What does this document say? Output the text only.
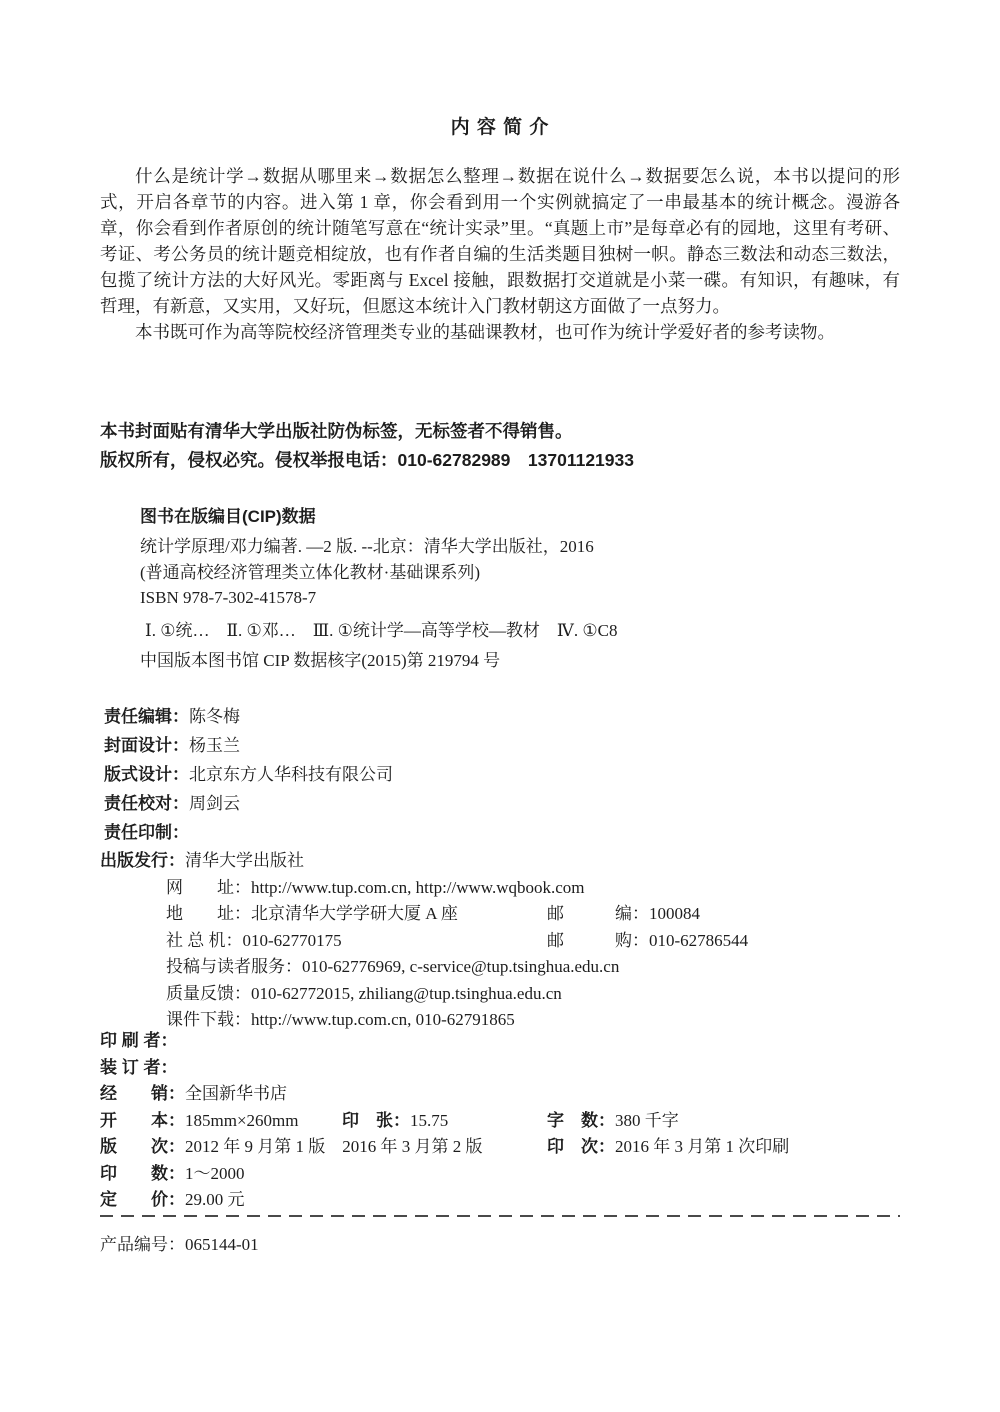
内 容 简 介

什么是统计学→数据从哪里来→数据怎么整理→数据在说什么→数据要怎么说，本书以提问的形式，开启各章节的内容。进入第 1 章，你会看到用一个实例就搞定了一串最基本的统计概念。漫游各章，你会看到作者原创的统计随笔写意在“统计实录”里。“真题上市”是每章必有的园地，这里有考研、考证、考公务员的统计题竞相绽放，也有作者自编的生活类题目独树一帜。静态三数法和动态三数法，包揽了统计方法的大好风光。零距离与 Excel 接触，跟数据打交道就是小菜一碟。有知识，有趣味，有哲理，有新意，又实用，又好玩，但愿这本统计入门教材朝这方面做了一点努力。

本书既可作为高等院校经济管理类专业的基础课教材，也可作为统计学爱好者的参考读物。

本书封面贴有清华大学出版社防伪标签，无标签者不得销售。
版权所有，侵权必究。侵权举报电话：010-62782989　13701121933
图书在版编目(CIP)数据
统计学原理/邓力编著. —2 版. --北京：清华大学出版社，2016
(普通高校经济管理类立体化教材·基础课系列)
ISBN 978-7-302-41578-7
Ⅰ. ①统…　Ⅱ. ①邓…　Ⅲ. ①统计学—高等学校—教材　Ⅳ. ①C8
中国版本图书馆 CIP 数据核字(2015)第 219794 号
责任编辑：陈冬梅
封面设计：杨玉兰
版式设计：北京东方人华科技有限公司
责任校对：周剑云
责任印制：
出版发行：清华大学出版社
网　　址：http://www.tup.com.cn, http://www.wqbook.com
地　　址：北京清华大学学研大厦 A 座	邮　　　编：100084
社 总 机：010-62770175	邮　　　购：010-62786544
投稿与读者服务：010-62776969, c-service@tup.tsinghua.edu.cn
质量反馈：010-62772015, zhiliang@tup.tsinghua.edu.cn
课件下载：http://www.tup.com.cn, 010-62791865
印 刷 者：
装 订 者：
经　　销：全国新华书店
开　　本：185mm×260mm	印　张：15.75	字　数：380 千字
版　　次：2012 年 9 月第 1 版　2016 年 3 月第 2 版	印　次：2016 年 3 月第 1 次印刷
印　　数：1～2000
定　　价：29.00 元
产品编号：065144-01
